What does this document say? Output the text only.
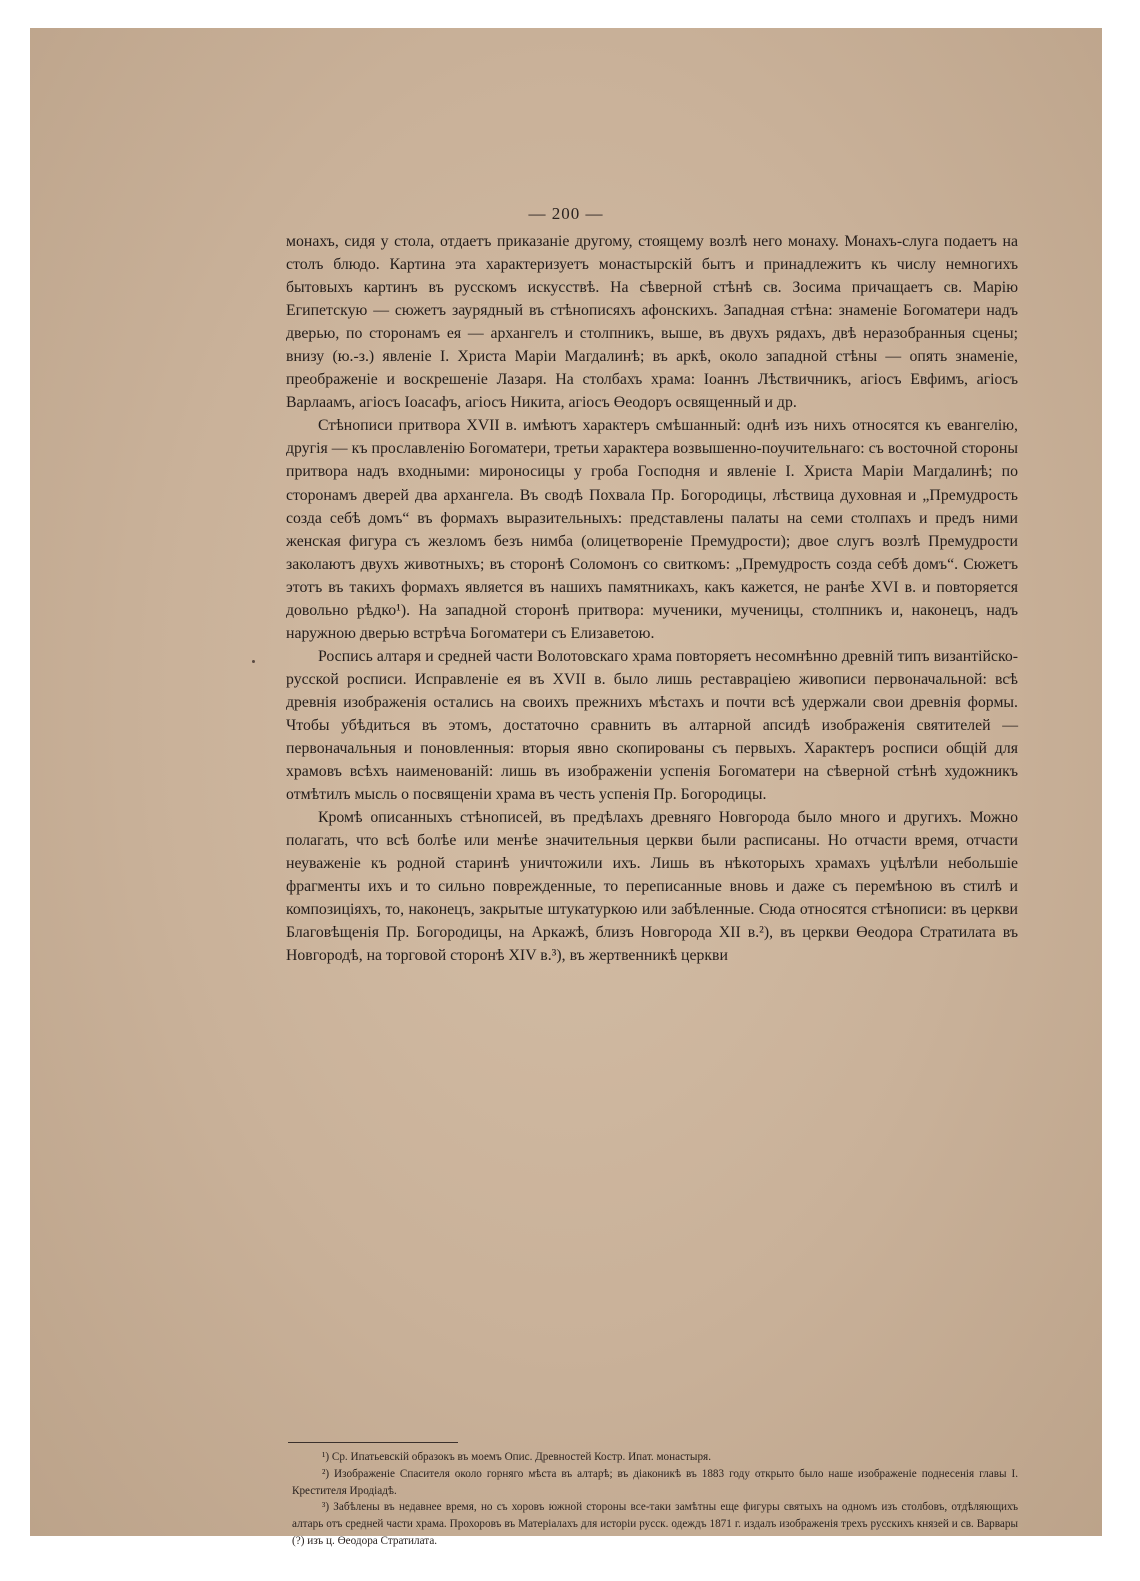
— 200 —

монахъ, сидя у стола, отдаетъ приказаніе другому, стоящему возлѣ него монаху. Монахъ-слуга подаетъ на столъ блюдо. Картина эта характеризуетъ монастырскій бытъ и принадлежитъ къ числу немногихъ бытовыхъ картинъ въ русскомъ искусствѣ. На сѣверной стѣнѣ св. Зосима причащаетъ св. Марію Египетскую — сюжетъ заурядный въ стѣнописяхъ афонскихъ. Западная стѣна: знаменіе Богоматери надъ дверью, по сторонамъ ея — архангелъ и столпникъ, выше, въ двухъ рядахъ, двѣ неразобранныя сцены; внизу (ю.-з.) явленіе І. Христа Маріи Магдалинѣ; въ аркѣ, около западной стѣны — опять знаменіе, преображеніе и воскрешеніе Лазаря. На столбахъ храма: Іоаннъ Лѣствичникъ, агіосъ Евфимъ, агіосъ Варлаамъ, агіосъ Іоасафъ, агіосъ Никита, агіосъ Өеодоръ освященный и др.

Стѣнописи притвора XVII в. имѣютъ характеръ смѣшанный: однѣ изъ нихъ относятся къ евангелію, другія — къ прославленію Богоматери, третьи характера возвышенно-поучительнаго: съ восточной стороны притвора надъ входными: мироносицы у гроба Господня и явленіе І. Христа Маріи Магдалинѣ; по сторонамъ дверей два архангела. Въ сводѣ Похвала Пр. Богородицы, лѣствица духовная и „Премудрость созда себѣ домъ“ въ формахъ выразительныхъ: представлены палаты на семи столпахъ и предъ ними женская фигура съ жезломъ безъ нимба (олицетвореніе Премудрости); двое слугъ возлѣ Премудрости заколаютъ двухъ животныхъ; въ сторонѣ Соломонъ со свиткомъ: „Премудрость созда себѣ домъ“. Сюжетъ этотъ въ такихъ формахъ является въ нашихъ памятникахъ, какъ кажется, не ранѣе XVI в. и повторяется довольно рѣдко¹). На западной сторонѣ притвора: мученики, мученицы, столпникъ и, наконецъ, надъ наружною дверью встрѣча Богоматери съ Елизаветою.

Роспись алтаря и средней части Волотовскаго храма повторяетъ несомнѣнно древній типъ византійско-русской росписи. Исправленіе ея въ XVII в. было лишь реставраціею живописи первоначальной: всѣ древнія изображенія остались на своихъ прежнихъ мѣстахъ и почти всѣ удержали свои древнія формы. Чтобы убѣдиться въ этомъ, достаточно сравнить въ алтарной апсидѣ изображенія святителей — первоначальныя и поновленныя: вторыя явно скопированы съ первыхъ. Характеръ росписи общій для храмовъ всѣхъ наименованій: лишь въ изображеніи успенія Богоматери на сѣверной стѣнѣ художникъ отмѣтилъ мысль о посвященіи храма въ честь успенія Пр. Богородицы.

Кромѣ описанныхъ стѣнописей, въ предѣлахъ древняго Новгорода было много и другихъ. Можно полагать, что всѣ болѣе или менѣе значительныя церкви были расписаны. Но отчасти время, отчасти неуваженіе къ родной старинѣ уничтожили ихъ. Лишь въ нѣкоторыхъ храмахъ уцѣлѣли небольшіе фрагменты ихъ и то сильно поврежденные, то переписанные вновь и даже съ перемѣною въ стилѣ и композиціяхъ, то, наконецъ, закрытые штукатуркою или забѣленные. Сюда относятся стѣнописи: въ церкви Благовѣщенія Пр. Богородицы, на Аркажѣ, близъ Новгорода XII в.²), въ церкви Өеодора Стратилата въ Новгородѣ, на торговой сторонѣ XIV в.³), въ жертвенникѣ церкви

¹) Ср. Ипатьевскій образокъ въ моемъ Опис. Древностей Костр. Ипат. монастыря.

²) Изображеніе Спасителя около горняго мѣста въ алтарѣ; въ діаконикѣ въ 1883 году открыто было наше изображеніе поднесенія главы І. Крестителя Иродіадѣ.

³) Забѣлены въ недавнее время, но съ хоровъ южной стороны все-таки замѣтны еще фигуры святыхъ на одномъ изъ столбовъ, отдѣляющихъ алтарь отъ средней части храма. Прохоровъ въ Матеріалахъ для исторіи русск. одеждъ 1871 г. издалъ изображенія трехъ русскихъ князей и св. Варвары (?) изъ ц. Өеодора Стратилата.
